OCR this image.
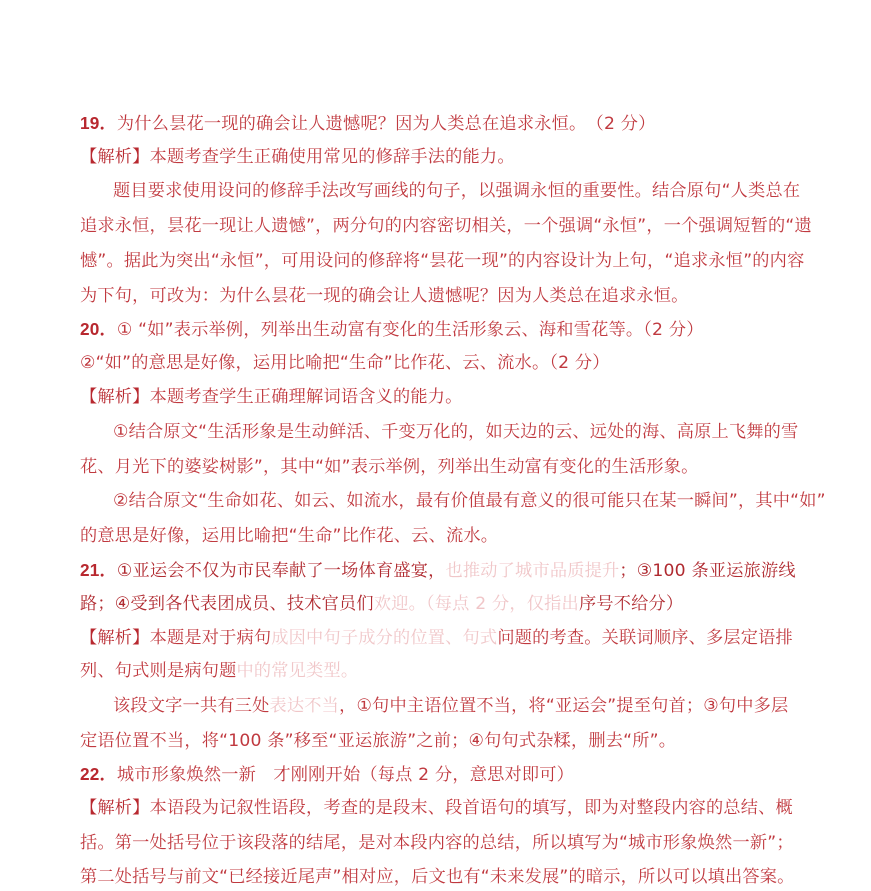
19．为什么昙花一现的确会让人遗憾呢？因为人类总在追求永恒。　（2 分）
【解析】本题考查学生正确使用常见的修辞手法的能力。
题目要求使用设问的修辞手法改写画线的句子，以强调永恒的重要性。结合原句“人类总在
追求永恒，昙花一现让人遗憾”，两分句的内容密切相关，一个强调“永恒”，一个强调短暂的“遗
憾”。据此为突出“永恒”，可用设问的修辞将“昙花一现”的内容设计为上句，“追求永恒”的内容
为下句，可改为：为什么昙花一现的确会让人遗憾呢？因为人类总在追求永恒。
20．① “如”表示举例，列举出生动富有变化的生活形象云、海和雪花等。（2 分）
②“如”的意思是好像，运用比喻把“生命”比作花、云、流水。（2 分）
【解析】本题考查学生正确理解词语含义的能力。
①结合原文“生活形象是生动鲜活、千变万化的，如天边的云、远处的海、高原上飞舞的雪
花、月光下的婆娑树影”，其中“如”表示举例，列举出生动富有变化的生活形象。
②结合原文“生命如花、如云、如流水，最有价值最有意义的很可能只在某一瞬间”，其中“如”
的意思是好像，运用比喻把“生命”比作花、云、流水。
21．①亚运会不仅为市民奉献了一场体育盛宴，也推动了城市品质提升；③100 条亚运旅游线
路；④受到各代表团成员、技术官员们欢迎。（每点 2 分，仅指出序号不给分）
【解析】本题是对于病句成因中句子成分的位置、句式问题的考查。关联词顺序、多层定语排
列、句式则是病句题中的常见类型。
该段文字一共有三处表达不当，①句中主语位置不当，将“亚运会”提至句首；③句中多层
定语位置不当，将“100 条”移至“亚运旅游”之前；④句句式杂糅，删去“所”。
22．城市形象焕然一新　才刚刚开始（每点 2 分，意思对即可）
【解析】本语段为记叙性语段，考查的是段末、段首语句的填写，即为对整段内容的总结、概
括。第一处括号位于该段落的结尾，是对本段内容的总结，所以填写为“城市形象焕然一新”；
第二处括号与前文“已经接近尾声”相对应，后文也有“未来发展”的暗示，所以可以填出答案。
